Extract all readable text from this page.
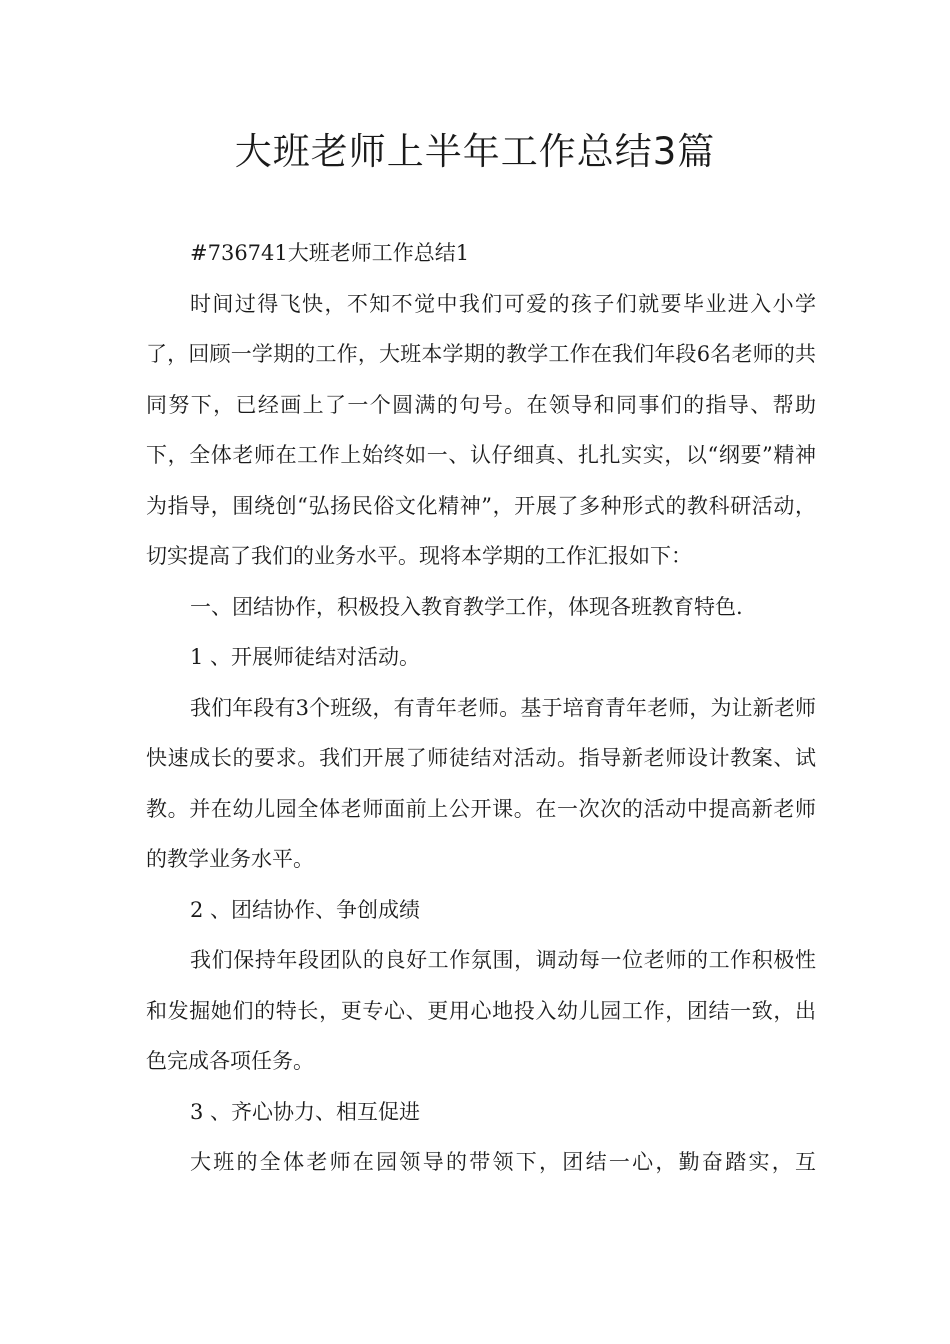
大班老师上半年工作总结3篇

#736741大班老师工作总结1

时间过得飞快，不知不觉中我们可爱的孩子们就要毕业进入小学了，回顾一学期的工作，大班本学期的教学工作在我们年段6名老师的共同努下，已经画上了一个圆满的句号。在领导和同事们的指导、帮助下，全体老师在工作上始终如一、认仔细真、扎扎实实，以“纲要”精神为指导，围绕创“弘扬民俗文化精神”，开展了多种形式的教科研活动，切实提高了我们的业务水平。现将本学期的工作汇报如下：

一、团结协作，积极投入教育教学工作，体现各班教育特色.

1 、开展师徒结对活动。

我们年段有3个班级，有青年老师。基于培育青年老师，为让新老师快速成长的要求。我们开展了师徒结对活动。指导新老师设计教案、试教。并在幼儿园全体老师面前上公开课。在一次次的活动中提高新老师的教学业务水平。

2 、团结协作、争创成绩

我们保持年段团队的良好工作氛围，调动每一位老师的工作积极性和发掘她们的特长，更专心、更用心地投入幼儿园工作，团结一致，出色完成各项任务。

3 、齐心协力、相互促进

大班的全体老师在园领导的带领下，团结一心，勤奋踏实，互
